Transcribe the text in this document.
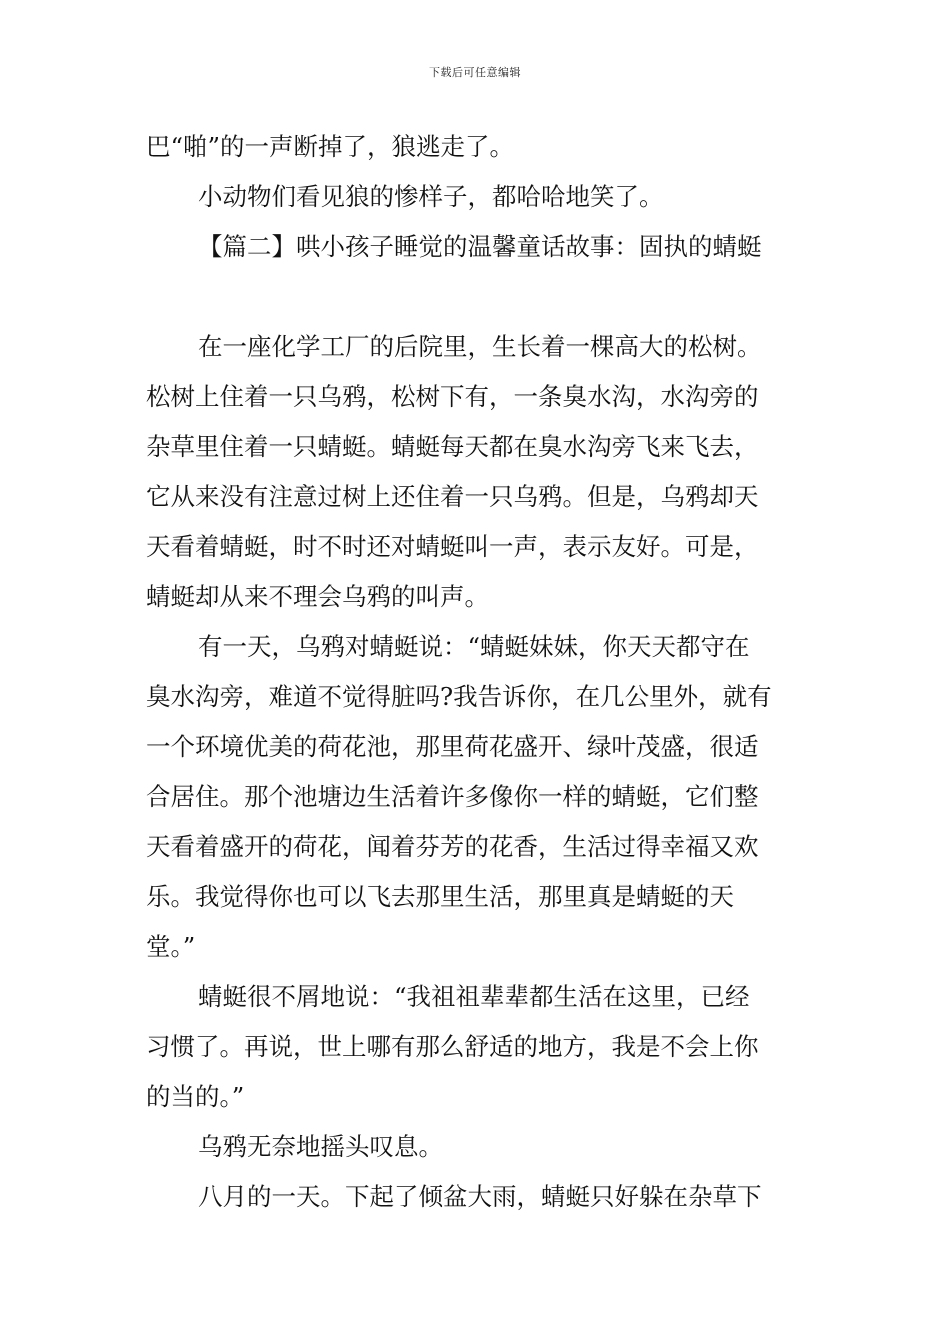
下载后可任意编辑
巴“啪”的一声断掉了，狼逃走了。
小动物们看见狼的惨样子，都哈哈地笑了。
【篇二】哄小孩子睡觉的温馨童话故事：固执的蜻蜓
在一座化学工厂的后院里，生长着一棵高大的松树。
松树上住着一只乌鸦，松树下有，一条臭水沟，水沟旁的
杂草里住着一只蜻蜓。蜻蜓每天都在臭水沟旁飞来飞去，
它从来没有注意过树上还住着一只乌鸦。但是，乌鸦却天
天看着蜻蜓，时不时还对蜻蜓叫一声，表示友好。可是，
蜻蜓却从来不理会乌鸦的叫声。
有一天，乌鸦对蜻蜓说：“蜻蜓妹妹，你天天都守在
臭水沟旁，难道不觉得脏吗?我告诉你，在几公里外，就有
一个环境优美的荷花池，那里荷花盛开、绿叶茂盛，很适
合居住。那个池塘边生活着许多像你一样的蜻蜓，它们整
天看着盛开的荷花，闻着芬芳的花香，生活过得幸福又欢
乐。我觉得你也可以飞去那里生活，那里真是蜻蜓的天
堂。”
蜻蜓很不屑地说：“我祖祖辈辈都生活在这里，已经
习惯了。再说，世上哪有那么舒适的地方，我是不会上你
的当的。”
乌鸦无奈地摇头叹息。
八月的一天。下起了倾盆大雨，蜻蜓只好躲在杂草下
